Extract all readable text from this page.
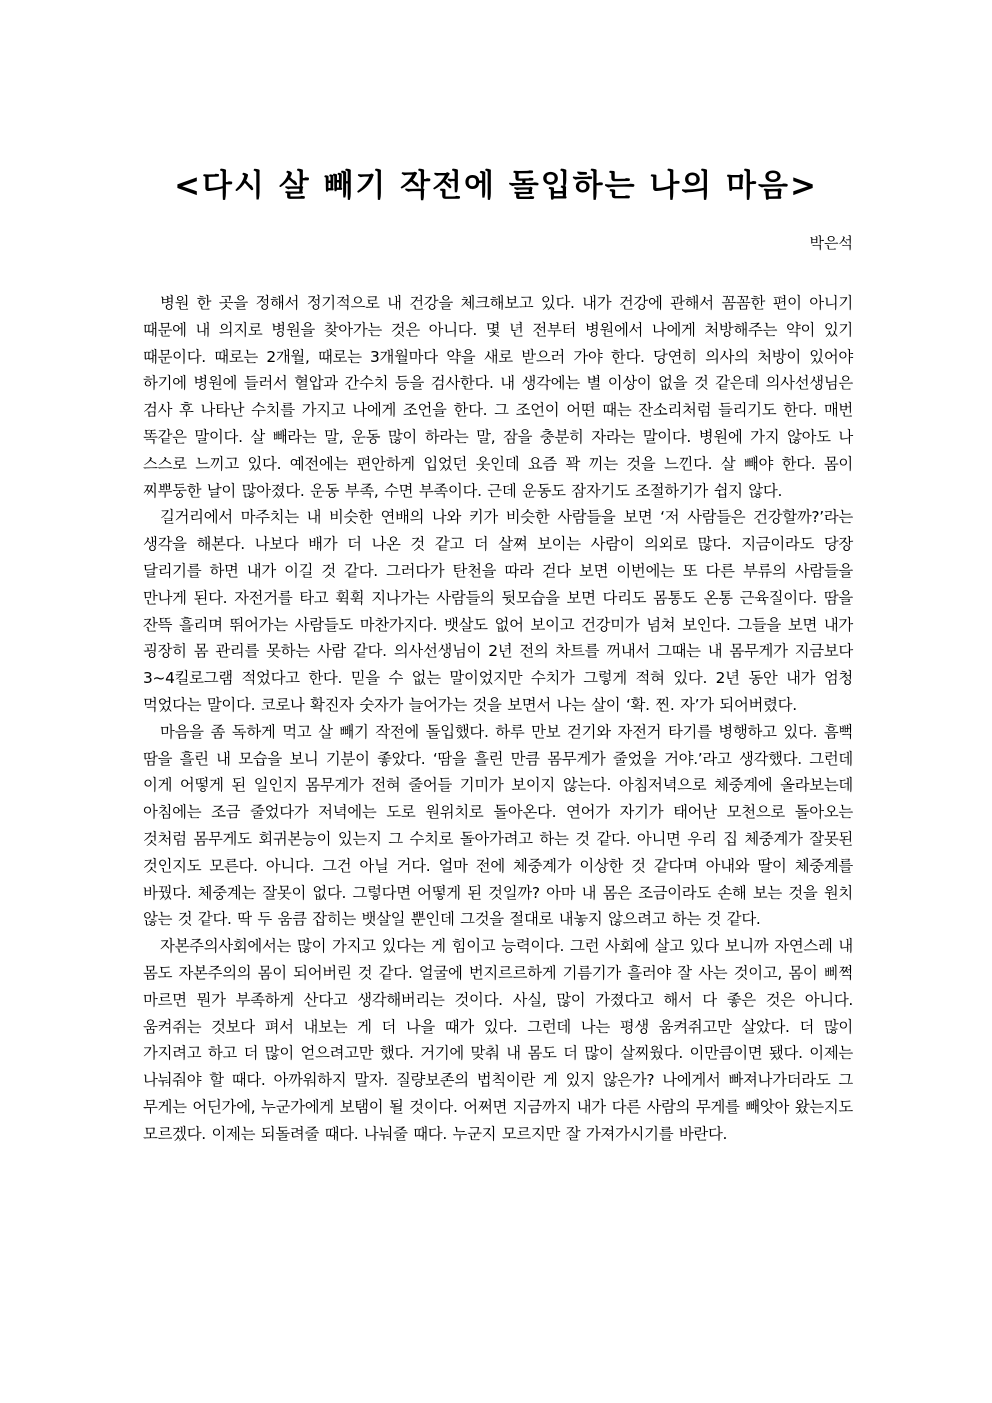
<다시 살 빼기 작전에 돌입하는 나의 마음>
박은석

병원 한 곳을 정해서 정기적으로 내 건강을 체크해보고 있다. 내가 건강에 관해서 꼼꼼한 편이 아니기 때문에 내 의지로 병원을 찾아가는 것은 아니다. 몇 년 전부터 병원에서 나에게 처방해주는 약이 있기 때문이다. 때로는 2개월, 때로는 3개월마다 약을 새로 받으러 가야 한다. 당연히 의사의 처방이 있어야 하기에 병원에 들러서 혈압과 간수치 등을 검사한다. 내 생각에는 별 이상이 없을 것 같은데 의사선생님은 검사 후 나타난 수치를 가지고 나에게 조언을 한다. 그 조언이 어떤 때는 잔소리처럼 들리기도 한다. 매번 똑같은 말이다. 살 빼라는 말, 운동 많이 하라는 말, 잠을 충분히 자라는 말이다. 병원에 가지 않아도 나 스스로 느끼고 있다. 예전에는 편안하게 입었던 옷인데 요즘 꽉 끼는 것을 느낀다. 살 빼야 한다. 몸이 찌뿌둥한 날이 많아졌다. 운동 부족, 수면 부족이다. 근데 운동도 잠자기도 조절하기가 쉽지 않다.

길거리에서 마주치는 내 비슷한 연배의 나와 키가 비슷한 사람들을 보면 ‘저 사람들은 건강할까?’라는 생각을 해본다. 나보다 배가 더 나온 것 같고 더 살쪄 보이는 사람이 의외로 많다. 지금이라도 당장 달리기를 하면 내가 이길 것 같다. 그러다가 탄천을 따라 걷다 보면 이번에는 또 다른 부류의 사람들을 만나게 된다. 자전거를 타고 휙휙 지나가는 사람들의 뒷모습을 보면 다리도 몸통도 온통 근육질이다. 땀을 잔뜩 흘리며 뛰어가는 사람들도 마찬가지다. 뱃살도 없어 보이고 건강미가 넘쳐 보인다. 그들을 보면 내가 굉장히 몸 관리를 못하는 사람 같다. 의사선생님이 2년 전의 차트를 꺼내서 그때는 내 몸무게가 지금보다 3~4킬로그램 적었다고 한다. 믿을 수 없는 말이었지만 수치가 그렇게 적혀 있다. 2년 동안 내가 엄청 먹었다는 말이다. 코로나 확진자 숫자가 늘어가는 것을 보면서 나는 살이 ‘확. 찐. 자’가 되어버렸다.

마음을 좀 독하게 먹고 살 빼기 작전에 돌입했다. 하루 만보 걷기와 자전거 타기를 병행하고 있다. 흠뻑 땀을 흘린 내 모습을 보니 기분이 좋았다. ‘땀을 흘린 만큼 몸무게가 줄었을 거야.’라고 생각했다. 그런데 이게 어떻게 된 일인지 몸무게가 전혀 줄어들 기미가 보이지 않는다. 아침저녁으로 체중계에 올라보는데 아침에는 조금 줄었다가 저녁에는 도로 원위치로 돌아온다. 연어가 자기가 태어난 모천으로 돌아오는 것처럼 몸무게도 회귀본능이 있는지 그 수치로 돌아가려고 하는 것 같다. 아니면 우리 집 체중계가 잘못된 것인지도 모른다. 아니다. 그건 아닐 거다. 얼마 전에 체중계가 이상한 것 같다며 아내와 딸이 체중계를 바꿨다. 체중계는 잘못이 없다. 그렇다면 어떻게 된 것일까? 아마 내 몸은 조금이라도 손해 보는 것을 원치 않는 것 같다. 딱 두 움큼 잡히는 뱃살일 뿐인데 그것을 절대로 내놓지 않으려고 하는 것 같다.

자본주의사회에서는 많이 가지고 있다는 게 힘이고 능력이다. 그런 사회에 살고 있다 보니까 자연스레 내 몸도 자본주의의 몸이 되어버린 것 같다. 얼굴에 번지르르하게 기름기가 흘러야 잘 사는 것이고, 몸이 삐쩍 마르면 뭔가 부족하게 산다고 생각해버리는 것이다. 사실, 많이 가졌다고 해서 다 좋은 것은 아니다. 움켜쥐는 것보다 펴서 내보는 게 더 나을 때가 있다. 그런데 나는 평생 움켜쥐고만 살았다. 더 많이 가지려고 하고 더 많이 얻으려고만 했다. 거기에 맞춰 내 몸도 더 많이 살찌웠다. 이만큼이면 됐다. 이제는 나눠줘야 할 때다. 아까워하지 말자. 질량보존의 법칙이란 게 있지 않은가? 나에게서 빠져나가더라도 그 무게는 어딘가에, 누군가에게 보탬이 될 것이다. 어쩌면 지금까지 내가 다른 사람의 무게를 빼앗아 왔는지도 모르겠다. 이제는 되돌려줄 때다. 나눠줄 때다. 누군지 모르지만 잘 가져가시기를 바란다.
